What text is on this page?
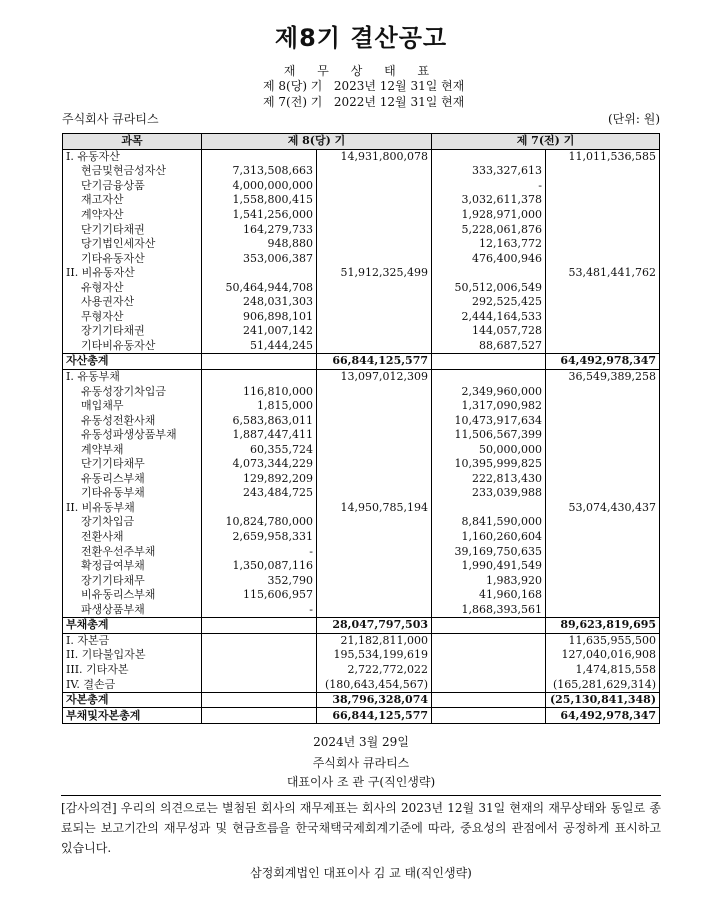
제8기 결산공고
재 무 상 태 표
제 8(당) 기   2023년 12월 31일 현재
제 7(전) 기   2022년 12월 31일 현재
주식회사 큐라티스	(단위: 원)
과목	제 8(당) 기		제 7(전) 기	
I. 유동자산		14,931,800,078		11,011,536,585
현금및현금성자산	7,313,508,663		333,327,613	
단기금융상품	4,000,000,000		-	
재고자산	1,558,800,415		3,032,611,378	
계약자산	1,541,256,000		1,928,971,000	
단기기타채권	164,279,733		5,228,061,876	
당기법인세자산	948,880		12,163,772	
기타유동자산	353,006,387		476,400,946	
II. 비유동자산		51,912,325,499		53,481,441,762
유형자산	50,464,944,708		50,512,006,549	
사용권자산	248,031,303		292,525,425	
무형자산	906,898,101		2,444,164,533	
장기기타채권	241,007,142		144,057,728	
기타비유동자산	51,444,245		88,687,527	
자산총계		66,844,125,577		64,492,978,347
I. 유동부채		13,097,012,309		36,549,389,258
유동성장기차입금	116,810,000		2,349,960,000	
매입채무	1,815,000		1,317,090,982	
유동성전환사채	6,583,863,011		10,473,917,634	
유동성파생상품부채	1,887,447,411		11,506,567,399	
계약부채	60,355,724		50,000,000	
단기기타채무	4,073,344,229		10,395,999,825	
유동리스부채	129,892,209		222,813,430	
기타유동부채	243,484,725		233,039,988	
II. 비유동부채		14,950,785,194		53,074,430,437
장기차입금	10,824,780,000		8,841,590,000	
전환사채	2,659,958,331		1,160,260,604	
전환우선주부채	-		39,169,750,635	
확정급여부채	1,350,087,116		1,990,491,549	
장기기타채무	352,790		1,983,920	
비유동리스부채	115,606,957		41,960,168	
파생상품부채	-		1,868,393,561	
부채총계		28,047,797,503		89,623,819,695
I. 자본금		21,182,811,000		11,635,955,500
II. 기타불입자본		195,534,199,619		127,040,016,908
III. 기타자본		2,722,772,022		1,474,815,558
IV. 결손금		(180,643,454,567)		(165,281,629,314)
자본총계		38,796,328,074		(25,130,841,348)
부채및자본총계		66,844,125,577		64,492,978,347
2024년 3월 29일
주식회사 큐라티스
대표이사 조 관 구(직인생략)
[감사의견] 우리의 의견으로는 별첨된 회사의 재무제표는 회사의 2023년 12월 31일 현재의 재무상태와 동일로 종료되는 보고기간의 재무성과 및 현금흐름을 한국채택국제회계기준에 따라, 중요성의 관점에서 공정하게 표시하고 있습니다.
삼정회계법인 대표이사 김 교 태(직인생략)
